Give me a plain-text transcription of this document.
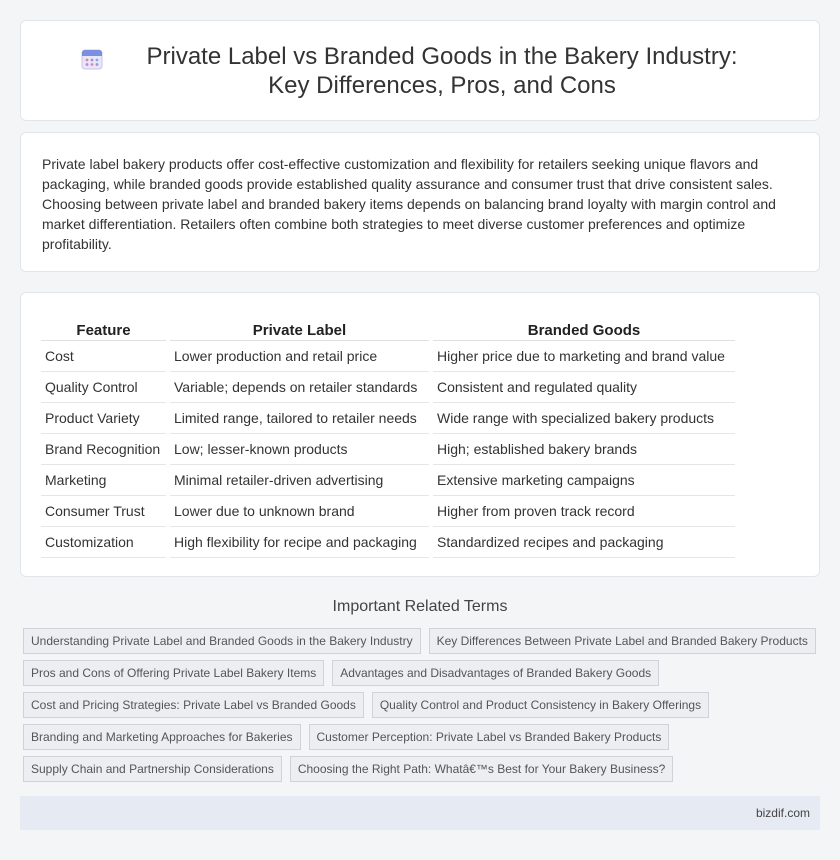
Private Label vs Branded Goods in the Bakery Industry: Key Differences, Pros, and Cons

Private label bakery products offer cost-effective customization and flexibility for retailers seeking unique flavors and packaging, while branded goods provide established quality assurance and consumer trust that drive consistent sales. Choosing between private label and branded bakery items depends on balancing brand loyalty with margin control and market differentiation. Retailers often combine both strategies to meet diverse customer preferences and optimize profitability.

Feature	Private Label	Branded Goods
Cost	Lower production and retail price	Higher price due to marketing and brand value
Quality Control	Variable; depends on retailer standards	Consistent and regulated quality
Product Variety	Limited range, tailored to retailer needs	Wide range with specialized bakery products
Brand Recognition	Low; lesser-known products	High; established bakery brands
Marketing	Minimal retailer-driven advertising	Extensive marketing campaigns
Consumer Trust	Lower due to unknown brand	Higher from proven track record
Customization	High flexibility for recipe and packaging	Standardized recipes and packaging
Important Related Terms
Understanding Private Label and Branded Goods in the Bakery Industry	Key Differences Between Private Label and Branded Bakery Products
Pros and Cons of Offering Private Label Bakery Items	Advantages and Disadvantages of Branded Bakery Goods
Cost and Pricing Strategies: Private Label vs Branded Goods	Quality Control and Product Consistency in Bakery Offerings
Branding and Marketing Approaches for Bakeries	Customer Perception: Private Label vs Branded Bakery Products
Supply Chain and Partnership Considerations	Choosing the Right Path: Whatâ€™s Best for Your Bakery Business?
bizdif.com
